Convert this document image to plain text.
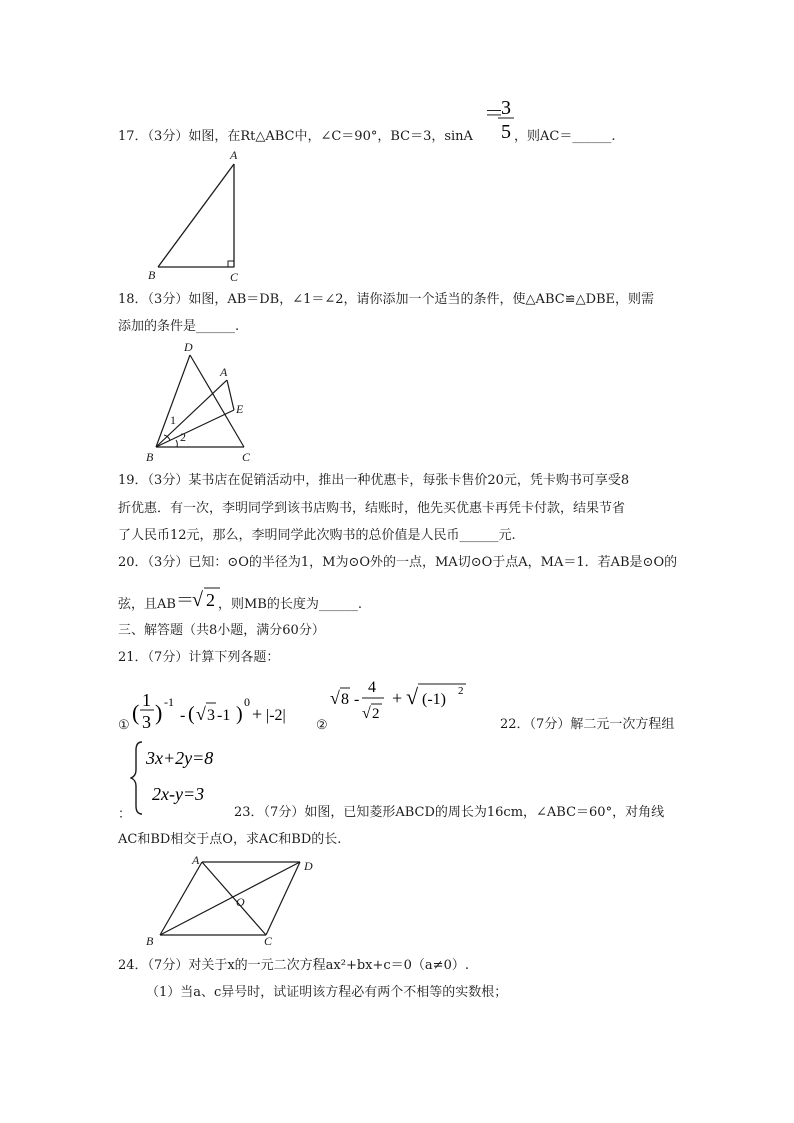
17．（3分）如图，在Rt△ABC中，∠C＝90°，BC＝3，sinA
＝
3
5 ，则AC＝______.
A
B	C
18．（3分）如图，AB＝DB，∠1＝∠2，请你添加一个适当的条件，使△ABC≌△DBE，则需
添加的条件是______.
D
A
E
B	C
1
2
19．（3分）某书店在促销活动中，推出一种优惠卡，每张卡售价20元，凭卡购书可享受8
折优惠．有一次，李明同学到该书店购书，结账时，他先买优惠卡再凭卡付款，结果节省
了人民币12元，那么，李明同学此次购书的总价值是人民币______元.
20．（3分）已知：⊙O的半径为1，M为⊙O外的一点，MA切⊙O于点A，MA＝1．若AB是⊙O的
弦，且AB ＝
√ 2 ，则MB的长度为______.
三、解答题（共8小题，满分60分）
21．（7分）计算下列各题：
①
( 1
3 ) -1
- ( √ 3 -1 )
0
+ |-2|
②
√ 8 -
4
√ 2
+ √ (-1) 2
22．（7分）解二元一次方程组
3x+2y=8
2x-y=3
：	23．（7分）如图，已知菱形ABCD的周长为16cm，∠ABC＝60°，对角线
AC和BD相交于点O，求AC和BD的长.
A	D
O
B	C
24．（7分）对关于x的一元二次方程ax²+bx+c＝0（a≠0）.
（1）当a、c异号时，试证明该方程必有两个不相等的实数根；
